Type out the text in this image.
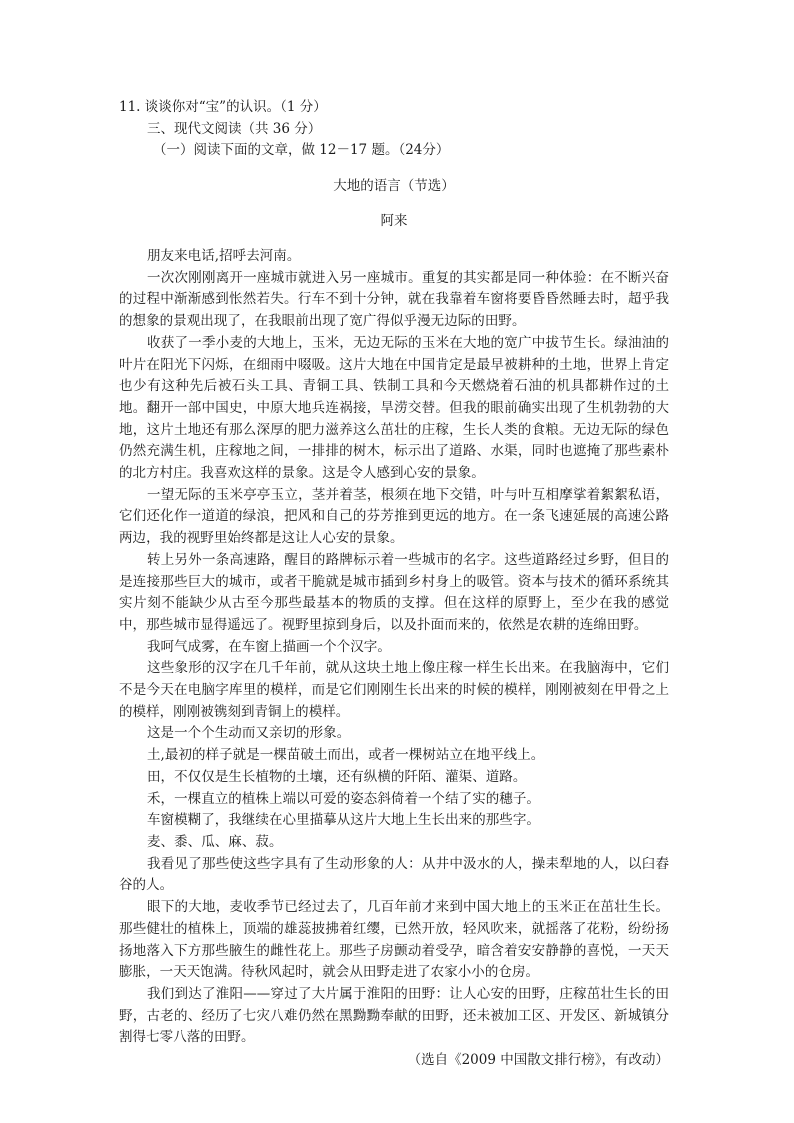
11. 谈谈你对“宝”的认识。（1 分）

三、现代文阅读（共 36 分）

（一）阅读下面的文章，做 12－17 题。（24分）

大地的语言（节选）

阿来

朋友来电话,招呼去河南。

一次次刚刚离开一座城市就进入另一座城市。重复的其实都是同一种体验：在不断兴奋的过程中渐渐感到怅然若失。行车不到十分钟，就在我靠着车窗将要昏昏然睡去时，超乎我的想象的景观出现了，在我眼前出现了宽广得似乎漫无边际的田野。

收获了一季小麦的大地上，玉米，无边无际的玉米在大地的宽广中拔节生长。绿油油的叶片在阳光下闪烁，在细雨中啜吸。这片大地在中国肯定是最早被耕种的土地，世界上肯定也少有这种先后被石头工具、青铜工具、铁制工具和今天燃烧着石油的机具都耕作过的土地。翻开一部中国史，中原大地兵连祸接，旱涝交替。但我的眼前确实出现了生机勃勃的大地，这片土地还有那么深厚的肥力滋养这么茁壮的庄稼，生长人类的食粮。无边无际的绿色仍然充满生机，庄稼地之间，一排排的树木，标示出了道路、水渠，同时也遮掩了那些素朴的北方村庄。我喜欢这样的景象。这是令人感到心安的景象。

一望无际的玉米亭亭玉立，茎并着茎，根须在地下交错，叶与叶互相摩挲着絮絮私语，它们还化作一道道的绿浪，把风和自己的芬芳推到更远的地方。在一条飞速延展的高速公路两边，我的视野里始终都是这让人心安的景象。

转上另外一条高速路，醒目的路牌标示着一些城市的名字。这些道路经过乡野，但目的是连接那些巨大的城市，或者干脆就是城市插到乡村身上的吸管。资本与技术的循环系统其实片刻不能缺少从古至今那些最基本的物质的支撑。但在这样的原野上，至少在我的感觉中，那些城市显得遥远了。视野里掠到身后，以及扑面而来的，依然是农耕的连绵田野。

我呵气成雾，在车窗上描画一个个汉字。

这些象形的汉字在几千年前，就从这块土地上像庄稼一样生长出来。在我脑海中，它们不是今天在电脑字库里的模样，而是它们刚刚生长出来的时候的模样，刚刚被刻在甲骨之上的模样，刚刚被镌刻到青铜上的模样。

这是一个个生动而又亲切的形象。

土,最初的样子就是一棵苗破土而出，或者一棵树站立在地平线上。

田，不仅仅是生长植物的土壤，还有纵横的阡陌、灌渠、道路。

禾，一棵直立的植株上端以可爱的姿态斜倚着一个结了实的穗子。

车窗模糊了，我继续在心里描摹从这片大地上生长出来的那些字。

麦、黍、瓜、麻、菽。

我看见了那些使这些字具有了生动形象的人：从井中汲水的人，操耒犁地的人，以臼舂谷的人。

眼下的大地，麦收季节已经过去了，几百年前才来到中国大地上的玉米正在茁壮生长。那些健壮的植株上，顶端的雄蕊披拂着红缨，已然开放，轻风吹来，就摇落了花粉，纷纷扬扬地落入下方那些腋生的雌性花上。那些子房颤动着受孕，暗含着安安静静的喜悦，一天天膨胀，一天天饱满。待秋风起时，就会从田野走进了农家小小的仓房。

我们到达了淮阳——穿过了大片属于淮阳的田野：让人心安的田野，庄稼茁壮生长的田野，古老的、经历了七灾八难仍然在黑黝黝奉献的田野，还未被加工区、开发区、新城镇分割得七零八落的田野。

（选自《2009 中国散文排行榜》，有改动）
